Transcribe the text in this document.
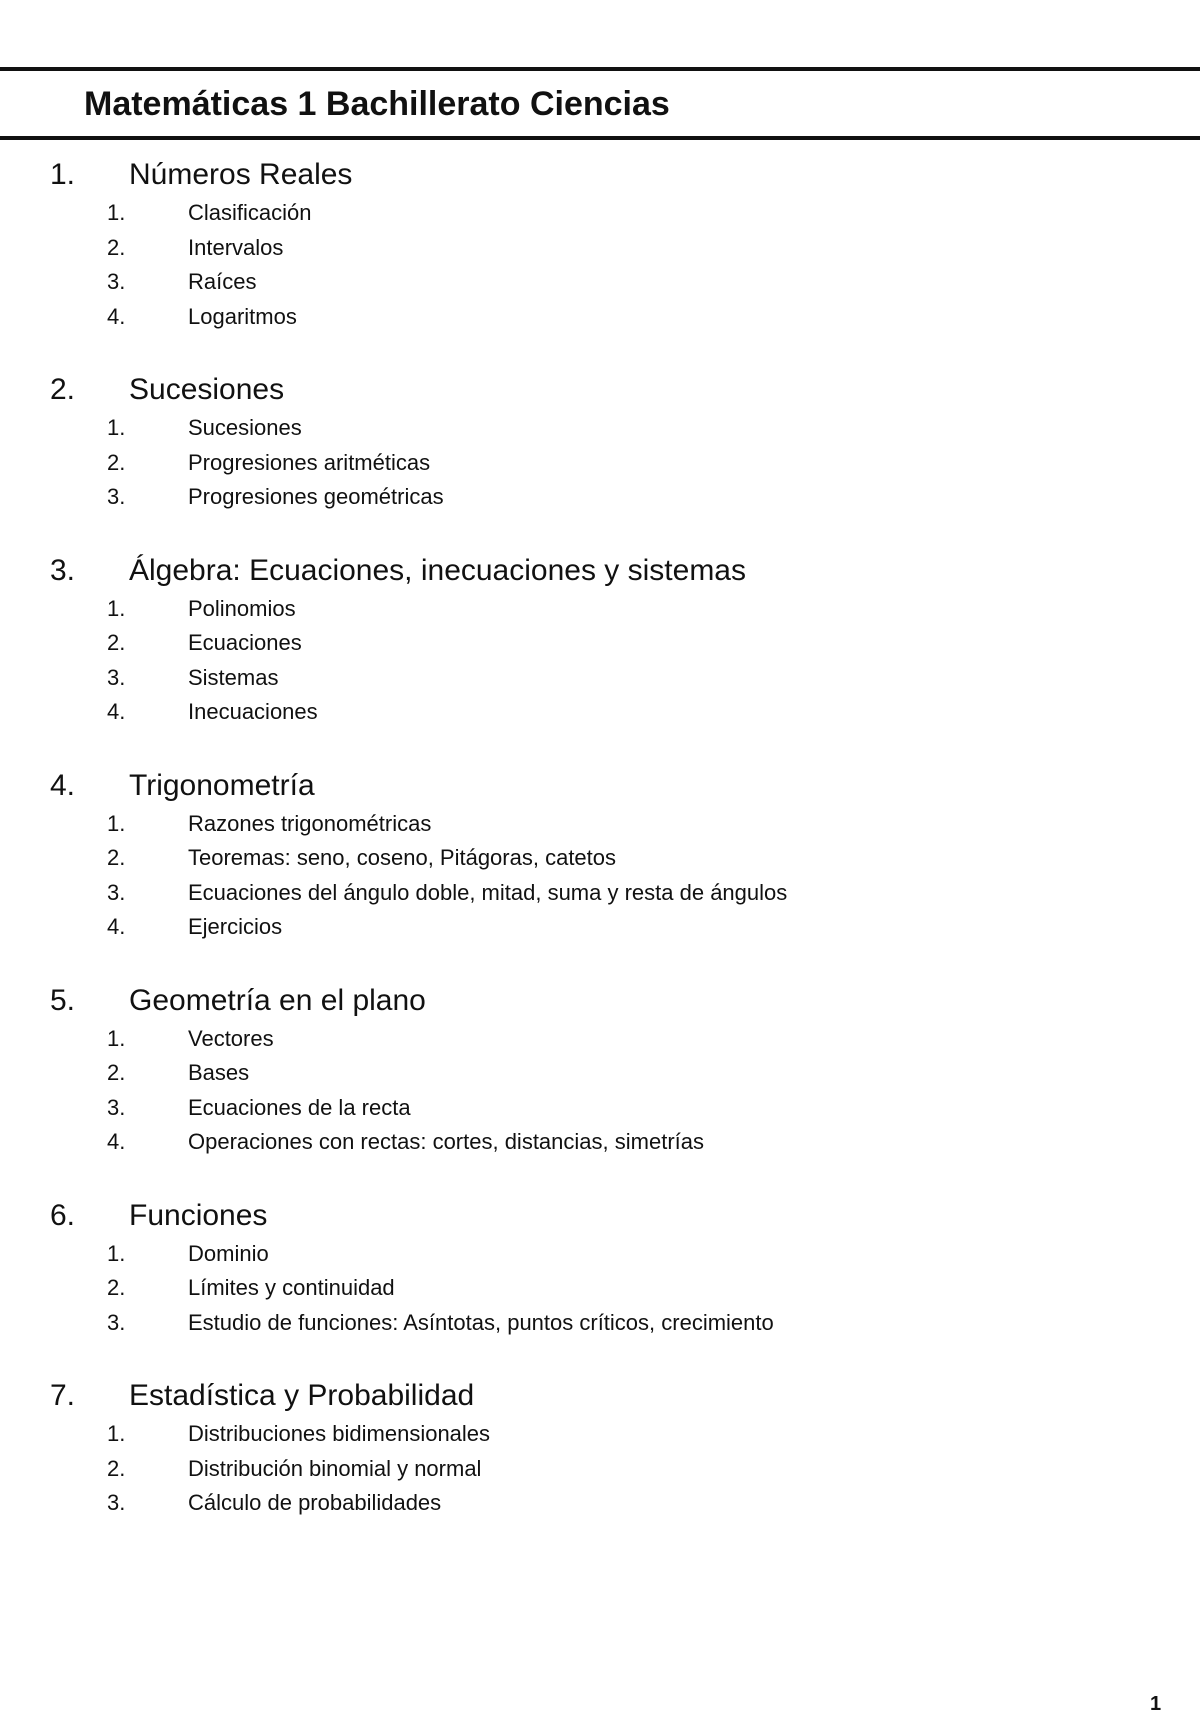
Matemáticas 1 Bachillerato Ciencias
1. Números Reales
1.	Clasificación
2.	Intervalos
3.	Raíces
4.	Logaritmos
2. Sucesiones
1.	Sucesiones
2.	Progresiones aritméticas
3.	Progresiones geométricas
3. Álgebra: Ecuaciones, inecuaciones y sistemas
1.	Polinomios
2.	Ecuaciones
3.	Sistemas
4.	Inecuaciones
4. Trigonometría
1.	Razones trigonométricas
2.	Teoremas: seno, coseno, Pitágoras, catetos
3.	Ecuaciones del ángulo doble, mitad, suma y resta de ángulos
4.	Ejercicios
5. Geometría en el plano
1.	Vectores
2.	Bases
3.	Ecuaciones de la recta
4.	Operaciones con rectas: cortes, distancias, simetrías
6. Funciones
1.	Dominio
2.	Límites y continuidad
3.	Estudio de funciones: Asíntotas, puntos críticos, crecimiento
7. Estadística y Probabilidad
1.	Distribuciones bidimensionales
2.	Distribución binomial y normal
3.	Cálculo de probabilidades
1
